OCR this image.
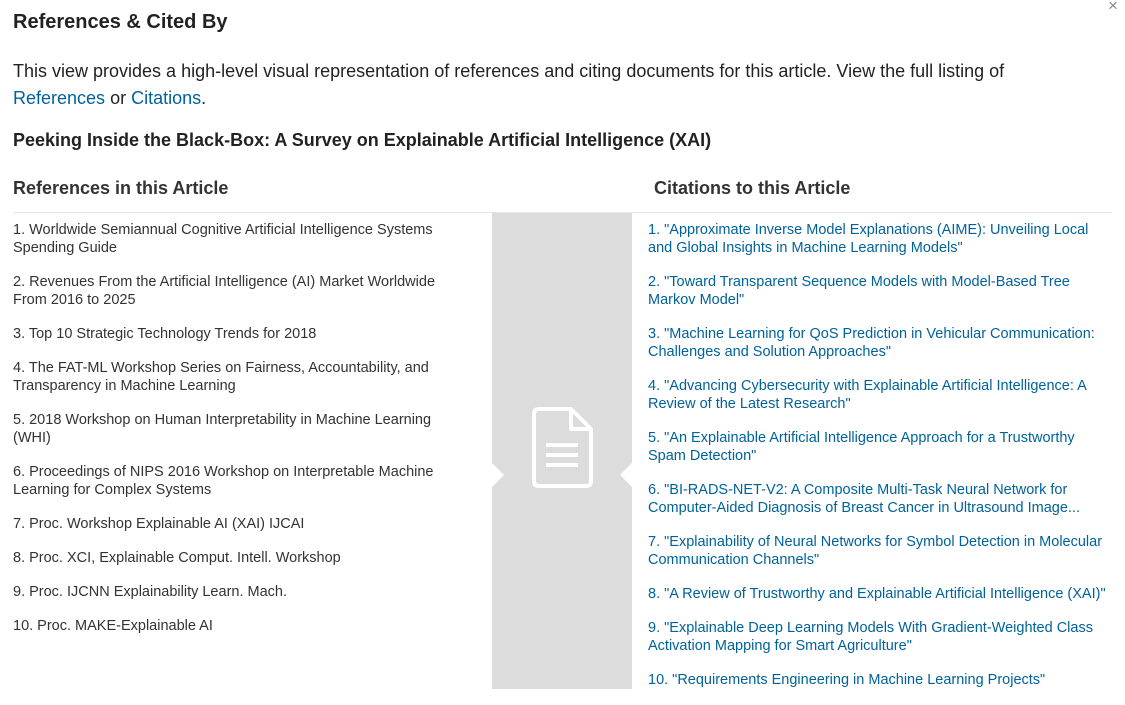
×
References & Cited By
This view provides a high-level visual representation of references and citing documents for this article. View the full listing of References or Citations.
Peeking Inside the Black-Box: A Survey on Explainable Artificial Intelligence (XAI)
References in this Article	Citations to this Article
1. Worldwide Semiannual Cognitive Artificial Intelligence Systems Spending Guide
2. Revenues From the Artificial Intelligence (AI) Market Worldwide From 2016 to 2025
3. Top 10 Strategic Technology Trends for 2018
4. The FAT-ML Workshop Series on Fairness, Accountability, and Transparency in Machine Learning
5. 2018 Workshop on Human Interpretability in Machine Learning (WHI)
6. Proceedings of NIPS 2016 Workshop on Interpretable Machine Learning for Complex Systems
7. Proc. Workshop Explainable AI (XAI) IJCAI
8. Proc. XCI, Explainable Comput. Intell. Workshop
9. Proc. IJCNN Explainability Learn. Mach.
10. Proc. MAKE-Explainable AI
1. "Approximate Inverse Model Explanations (AIME): Unveiling Local and Global Insights in Machine Learning Models"
2. "Toward Transparent Sequence Models with Model-Based Tree Markov Model"
3. "Machine Learning for QoS Prediction in Vehicular Communication: Challenges and Solution Approaches"
4. "Advancing Cybersecurity with Explainable Artificial Intelligence: A Review of the Latest Research"
5. "An Explainable Artificial Intelligence Approach for a Trustworthy Spam Detection"
6. "BI-RADS-NET-V2: A Composite Multi-Task Neural Network for Computer-Aided Diagnosis of Breast Cancer in Ultrasound Image...
7. "Explainability of Neural Networks for Symbol Detection in Molecular Communication Channels"
8. "A Review of Trustworthy and Explainable Artificial Intelligence (XAI)"
9. "Explainable Deep Learning Models With Gradient-Weighted Class Activation Mapping for Smart Agriculture"
10. "Requirements Engineering in Machine Learning Projects"
